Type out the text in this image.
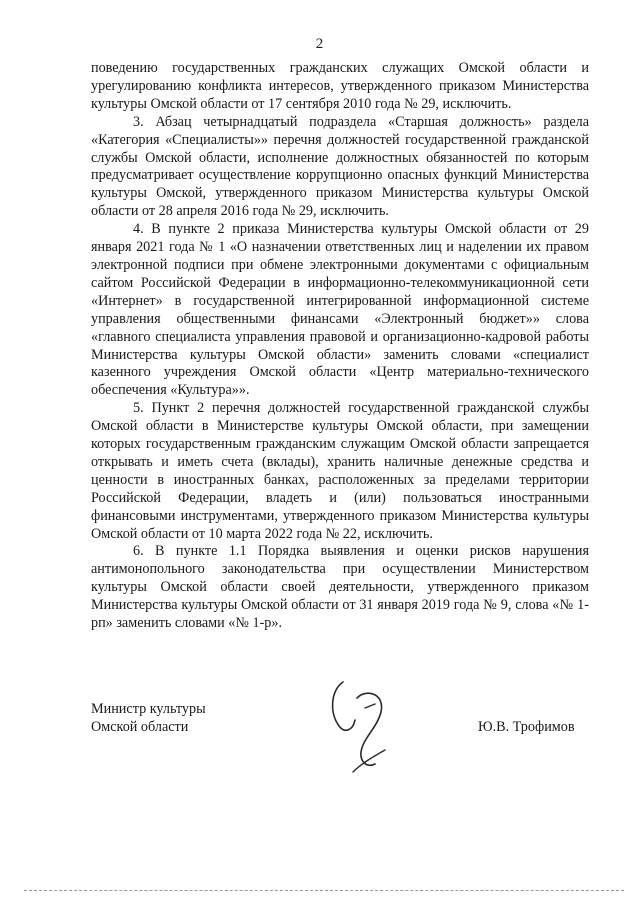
2

поведению государственных гражданских служащих Омской области и урегулированию конфликта интересов, утвержденного приказом Министерства культуры Омской области от 17 сентября 2010 года № 29, исключить.

3. Абзац четырнадцатый подраздела «Старшая должность» раздела «Категория «Специалисты»» перечня должностей государственной гражданской службы Омской области, исполнение должностных обязанностей по которым предусматривает осуществление коррупционно опасных функций Министерства культуры Омской, утвержденного приказом Министерства культуры Омской области от 28 апреля 2016 года № 29, исключить.

4. В пункте 2 приказа Министерства культуры Омской области от 29 января 2021 года № 1 «О назначении ответственных лиц и наделении их правом электронной подписи при обмене электронными документами с официальным сайтом Российской Федерации в информационно-телекоммуникационной сети «Интернет» в государственной интегрированной информационной системе управления общественными финансами «Электронный бюджет»» слова «главного специалиста управления правовой и организационно-кадровой работы Министерства культуры Омской области» заменить словами «специалист казенного учреждения Омской области «Центр материально-технического обеспечения «Культура»».

5. Пункт 2 перечня должностей государственной гражданской службы Омской области в Министерстве культуры Омской области, при замещении которых государственным гражданским служащим Омской области запрещается открывать и иметь счета (вклады), хранить наличные денежные средства и ценности в иностранных банках, расположенных за пределами территории Российской Федерации, владеть и (или) пользоваться иностранными финансовыми инструментами, утвержденного приказом Министерства культуры Омской области от 10 марта 2022 года № 22, исключить.

6. В пункте 1.1 Порядка выявления и оценки рисков нарушения антимонопольного законодательства при осуществлении Министерством культуры Омской области своей деятельности, утвержденного приказом Министерства культуры Омской области от 31 января 2019 года № 9, слова «№ 1-рп» заменить словами «№ 1-р».

Министр культуры
Омской области	Ю.В. Трофимов
